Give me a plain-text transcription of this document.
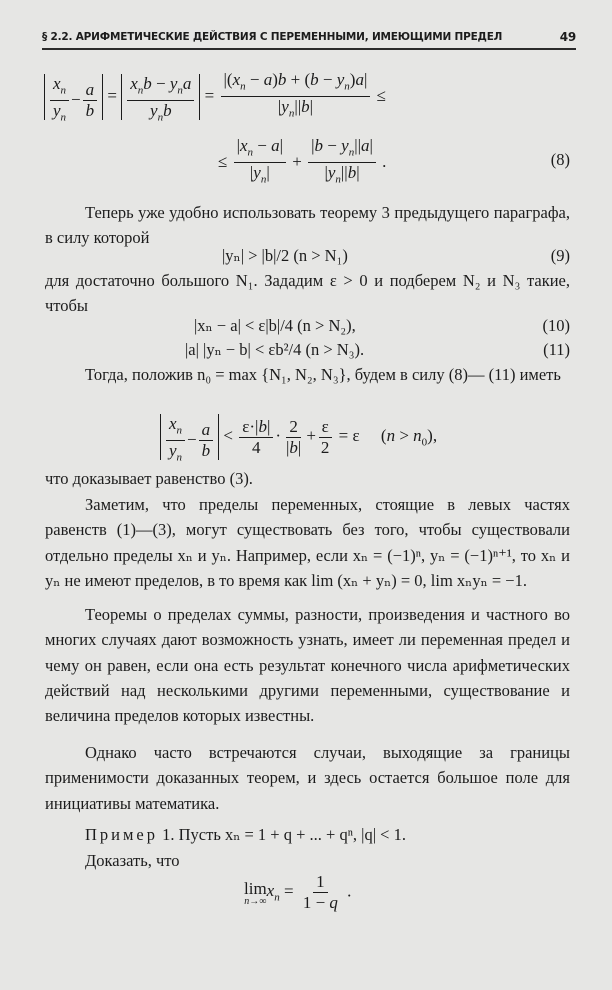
§ 2.2. АРИФМЕТИЧЕСКИЕ ДЕЙСТВИЯ С ПЕРЕМЕННЫМИ, ИМЕЮЩИМИ ПРЕДЕЛ	49
$\frac{x_n}{y_n} - \frac{a}{b} = \frac{x_nb - y_na}{y_nb} = \frac{|(x_n - a)b + (b - y_n)a|}{|y_n||b|}$ ≤
≤ $\frac{|x_n - a|}{|y_n|} + \frac{|b - y_n||a|}{|y_n||b|}$ .	(8)
Теперь уже удобно использовать теорему 3 предыдущего параграфа, в силу которой
|yₙ| > |b|/2 (n > N₁)	(9)
для достаточно большого N₁. Зададим ε > 0 и подберем N₂ и N₃ такие, чтобы
|xₙ − a| < ε|b|/4 (n > N₂),	(10)
|a| |yₙ − b| < εb²/4 (n > N₃).	(11)
Тогда, положив n₀ = max {N₁, N₂, N₃}, будем в силу (8)— (11) иметь
$\frac{x_n}{y_n} - \frac{a}{b} < \frac{\varepsilon\cdot|b|}{4} \cdot \frac{2}{|b|} + \frac{\varepsilon}{2} = \varepsilon$     $(n > n_0)$,
что доказывает равенство (3).
Заметим, что пределы переменных, стоящие в левых частях равенств (1)—(3), могут существовать без того, чтобы существовали отдельно пределы xₙ и yₙ. Например, если xₙ = (−1)ⁿ, yₙ = (−1)ⁿ⁺¹, то xₙ и yₙ не имеют пределов, в то время как lim (xₙ + yₙ) = 0, lim xₙyₙ = −1.
Теоремы о пределах суммы, разности, произведения и частного во многих случаях дают возможность узнать, имеет ли переменная предел и чему он равен, если она есть результат конечного числа арифметических действий над несколькими другими переменными, существование и величина пределов которых известны.
Однако часто встречаются случаи, выходящие за границы применимости доказанных теорем, и здесь остается большое поле для инициативы математика.
Пример 1. Пусть xₙ = 1 + q + ... + qⁿ, |q| < 1.
Доказать, что
lim
n→∞
$x_n = \frac{1}{1 - q}$ .
